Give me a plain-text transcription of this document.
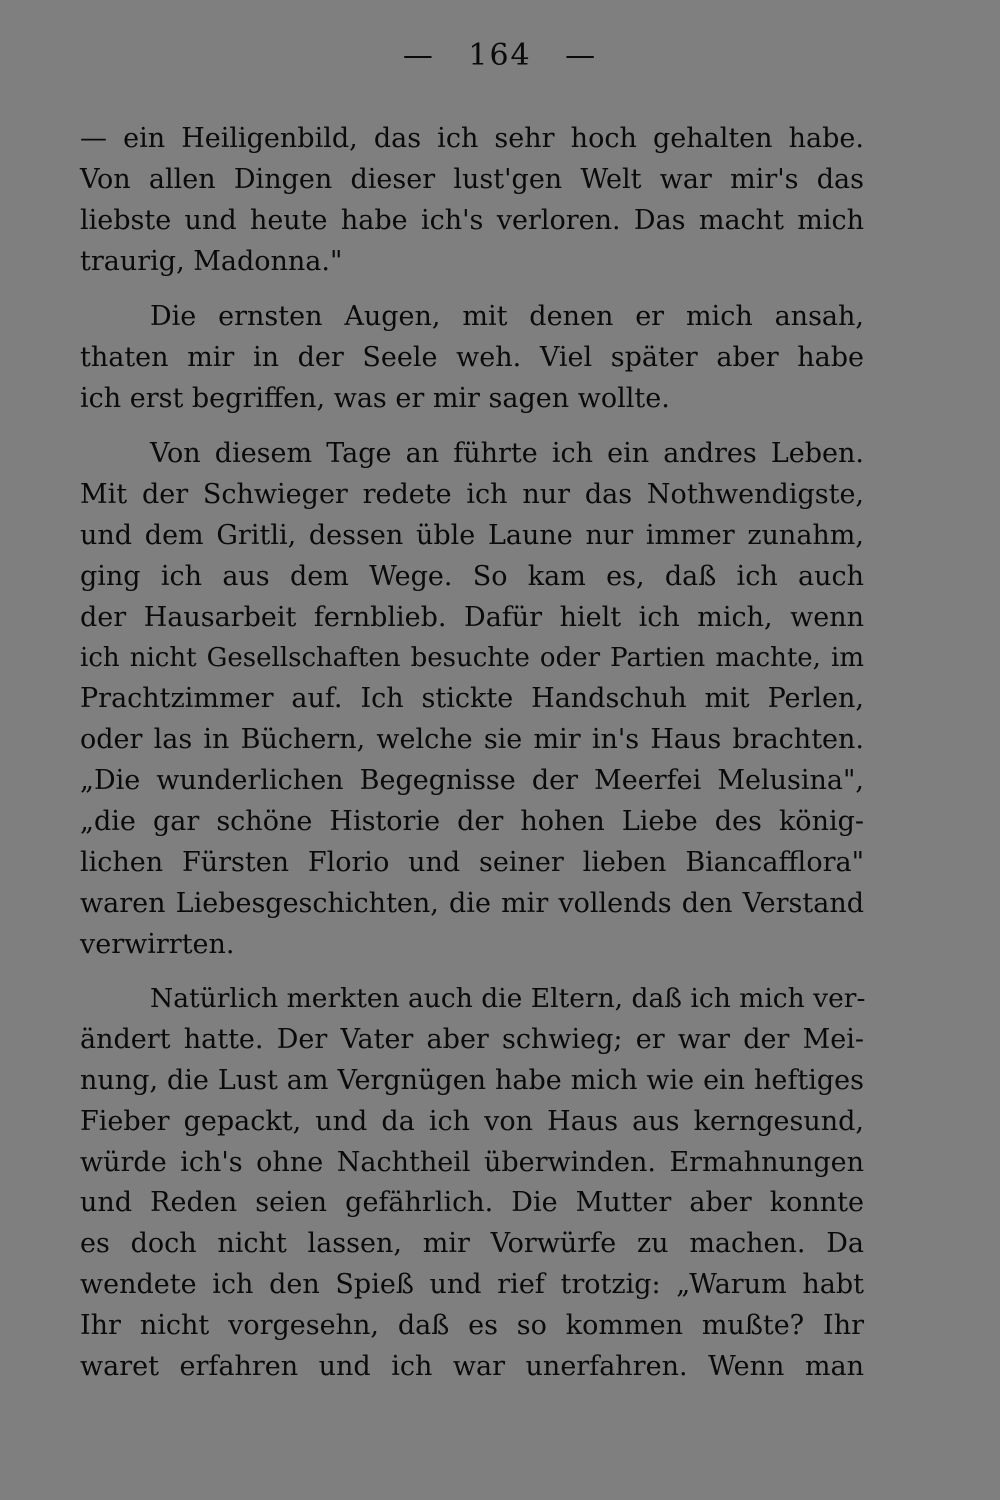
— 164 —
— ein Heiligenbild, das ich sehr hoch gehalten habe.
Von allen Dingen dieser lust'gen Welt war mir's das
liebste und heute habe ich's verloren. Das macht mich
traurig, Madonna."
Die ernsten Augen, mit denen er mich ansah,
thaten mir in der Seele weh. Viel später aber habe
ich erst begriffen, was er mir sagen wollte.
Von diesem Tage an führte ich ein andres Leben.
Mit der Schwieger redete ich nur das Nothwendigste,
und dem Gritli, dessen üble Laune nur immer zunahm,
ging ich aus dem Wege. So kam es, daß ich auch
der Hausarbeit fernblieb. Dafür hielt ich mich, wenn
ich nicht Gesellschaften besuchte oder Partien machte, im
Prachtzimmer auf. Ich stickte Handschuh mit Perlen,
oder las in Büchern, welche sie mir in's Haus brachten.
„Die wunderlichen Begegnisse der Meerfei Melusina",
„die gar schöne Historie der hohen Liebe des könig-
lichen Fürsten Florio und seiner lieben Biancafflora"
waren Liebesgeschichten, die mir vollends den Verstand
verwirrten.
Natürlich merkten auch die Eltern, daß ich mich ver-
ändert hatte. Der Vater aber schwieg; er war der Mei-
nung, die Lust am Vergnügen habe mich wie ein heftiges
Fieber gepackt, und da ich von Haus aus kerngesund,
würde ich's ohne Nachtheil überwinden. Ermahnungen
und Reden seien gefährlich. Die Mutter aber konnte
es doch nicht lassen, mir Vorwürfe zu machen. Da
wendete ich den Spieß und rief trotzig: „Warum habt
Ihr nicht vorgesehn, daß es so kommen mußte? Ihr
waret erfahren und ich war unerfahren. Wenn man
